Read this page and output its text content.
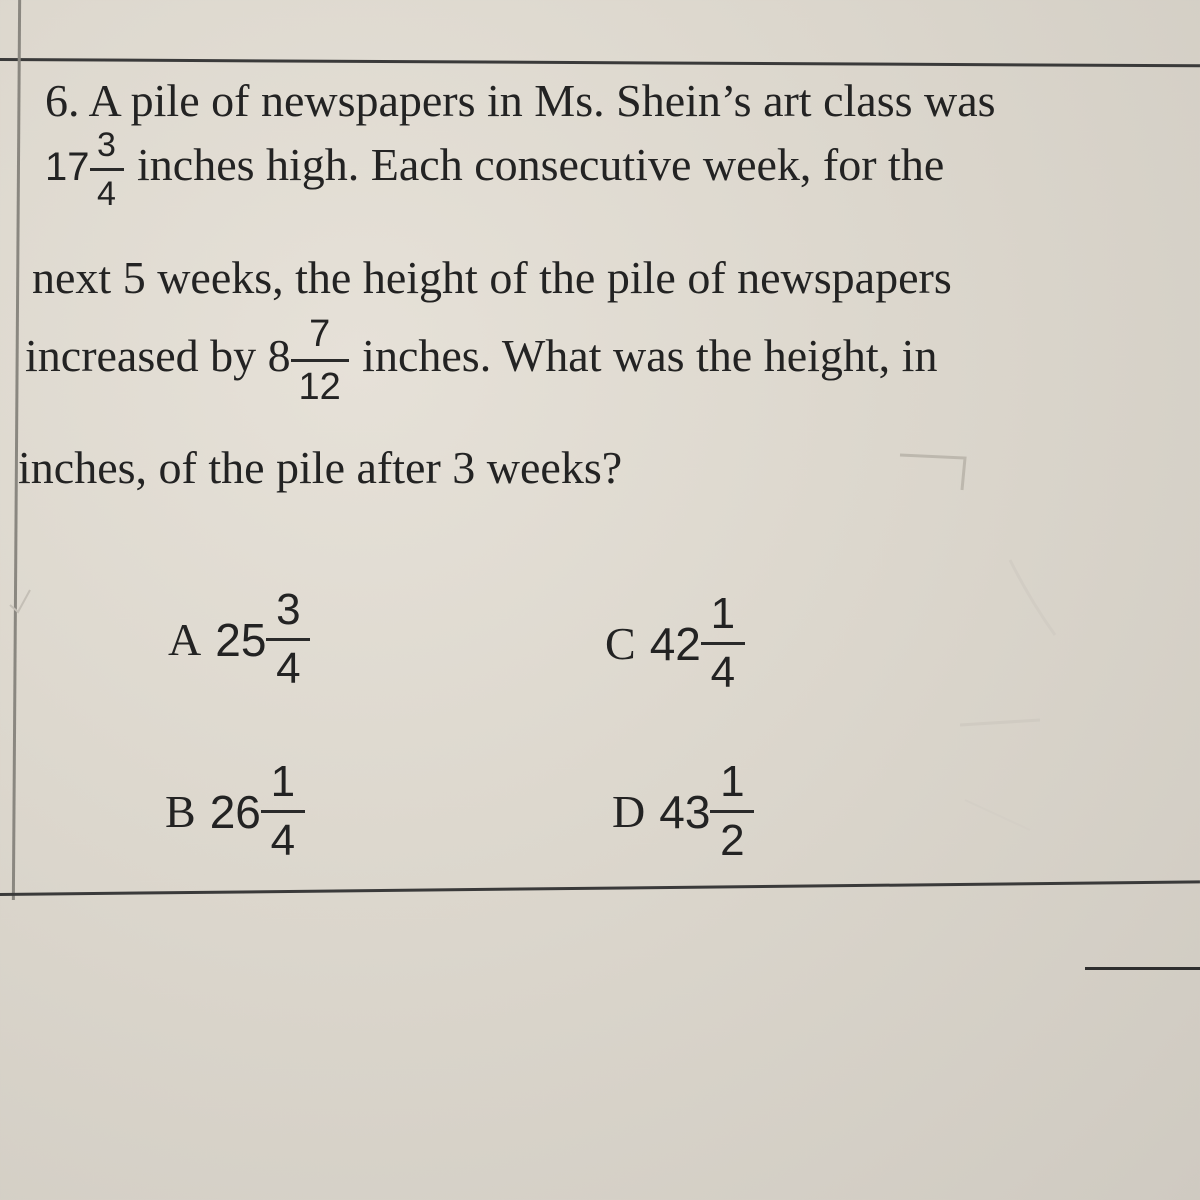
6. A pile of newspapers in Ms. Shein’s art class was
$17 \frac{3}{4}$ inches high. Each consecutive week, for the
next 5 weeks, the height of the pile of newspapers
increased by $8 \frac{7}{12}$ inches. What was the height, in
inches, of the pile after 3 weeks?
A $25 \frac{3}{4}$
B $26 \frac{1}{4}$
C $42 \frac{1}{4}$
D $43 \frac{1}{2}$
